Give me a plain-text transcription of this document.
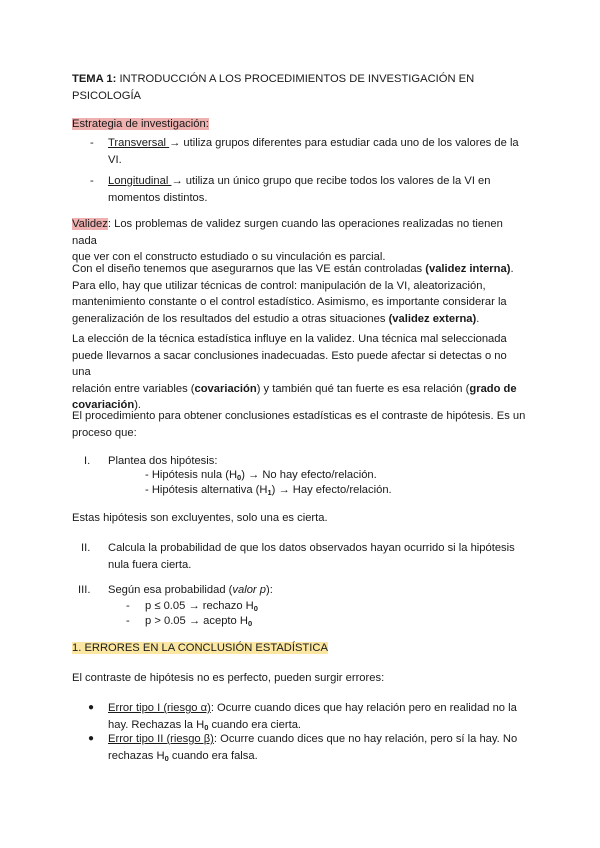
TEMA 1: INTRODUCCIÓN A LOS PROCEDIMIENTOS DE INVESTIGACIÓN EN
PSICOLOGÍA
Estrategia de investigación:
-	Transversal → utiliza grupos diferentes para estudiar cada uno de los valores de la
VI.
-	Longitudinal → utiliza un único grupo que recibe todos los valores de la VI en
momentos distintos.
Validez: Los problemas de validez surgen cuando las operaciones realizadas no tienen nada
que ver con el constructo estudiado o su vinculación es parcial.
Con el diseño tenemos que asegurarnos que las VE están controladas (validez interna).
Para ello, hay que utilizar técnicas de control: manipulación de la VI, aleatorización,
mantenimiento constante o el control estadístico. Asimismo, es importante considerar la
generalización de los resultados del estudio a otras situaciones (validez externa).
La elección de la técnica estadística influye en la validez. Una técnica mal seleccionada
puede llevarnos a sacar conclusiones inadecuadas. Esto puede afectar si detectas o no una
relación entre variables (covariación) y también qué tan fuerte es esa relación (grado de
covariación).
El procedimiento para obtener conclusiones estadísticas es el contraste de hipótesis. Es un
proceso que:
I.	Plantea dos hipótesis:
- Hipótesis nula $(H_0) \to No$ hay efecto/relación.
- Hipótesis alternativa $(H_1)$ → Hay efecto/relación.
Estas hipótesis son excluyentes, solo una es cierta.
II.	Calcula la probabilidad de que los datos observados hayan ocurrido si la hipótesis
nula fuera cierta.
III.	Según esa probabilidad (valor p):
-	p ≤ 0.05 → rechazo $H_0$
-	p > 0.05 → acepto $H_0$
1. ERRORES EN LA CONCLUSIÓN ESTADÍSTICA
El contraste de hipótesis no es perfecto, pueden surgir errores:
● Error tipo I (riesgo α): Ocurre cuando dices que hay relación pero en realidad no la
hay. Rechazas la $H_0$ cuando era cierta.
● Error tipo II (riesgo β): Ocurre cuando dices que no hay relación, pero sí la hay. No
rechazas $H_0$ cuando era falsa.
